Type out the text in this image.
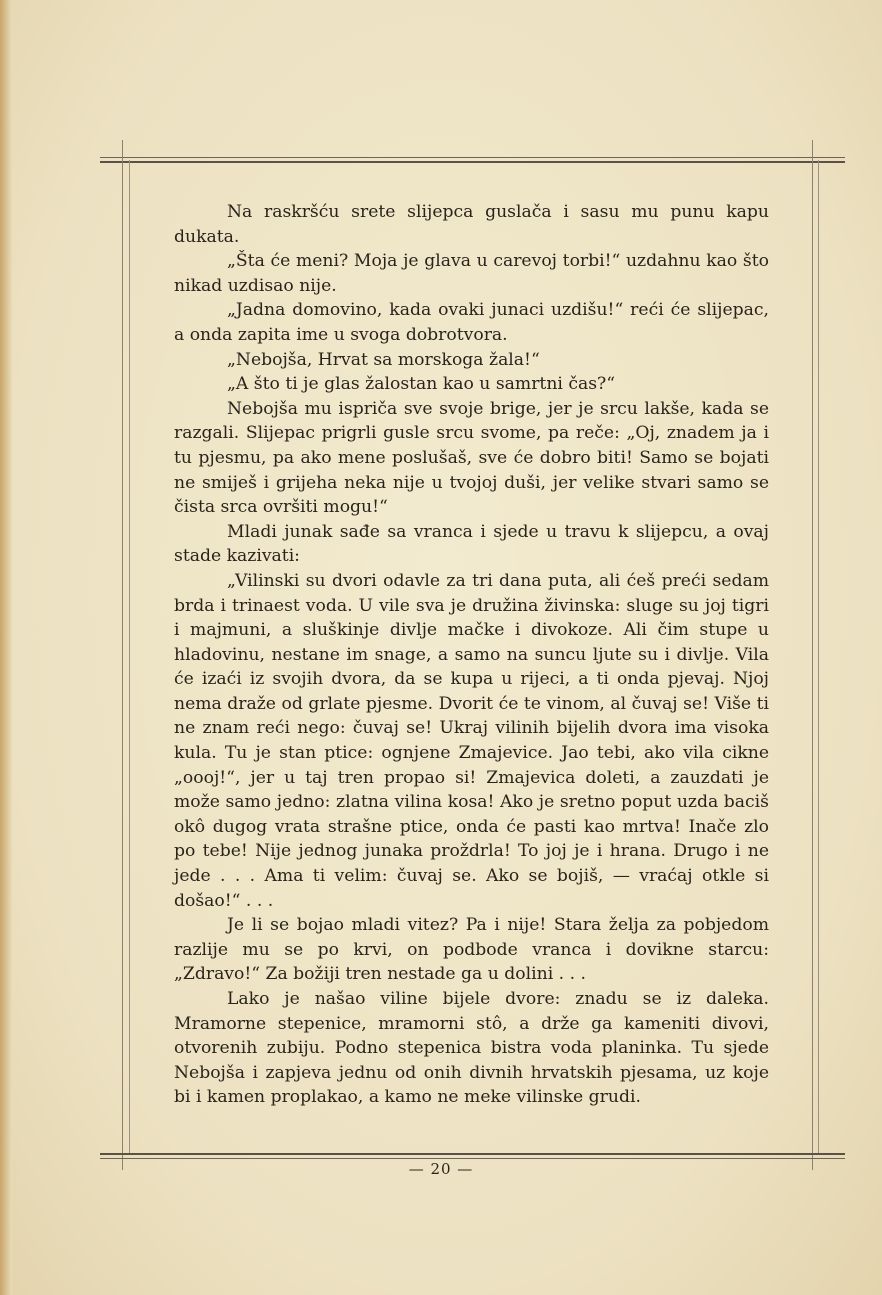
Na raskršću srete slijepca guslača i sasu mu punu kapu dukata.

„Šta će meni? Moja je glava u carevoj torbi!“ uzdahnu kao što nikad uzdisao nije.

„Jadna domovino, kada ovaki junaci uzdišu!“ reći će slijepac, a onda zapita ime u svoga dobrotvora.

„Nebojša, Hrvat sa morskoga žala!“

„A što ti je glas žalostan kao u samrtni čas?“

Nebojša mu ispriča sve svoje brige, jer je srcu lakše, kada se razgali. Slijepac prigrli gusle srcu svome, pa reče: „Oj, znadem ja i tu pjesmu, pa ako mene poslušaš, sve će dobro biti! Samo se bojati ne smiješ i grijeha neka nije u tvojoj duši, jer velike stvari samo se čista srca ovršiti mogu!“

Mladi junak sađe sa vranca i sjede u travu k slijepcu, a ovaj stade kazivati:

„Vilinski su dvori odavle za tri dana puta, ali ćeš preći sedam brda i trinaest voda. U vile sva je družina živinska: sluge su joj tigri i majmuni, a sluškinje divlje mačke i divokoze. Ali čim stupe u hladovinu, nestane im snage, a samo na suncu ljute su i divlje. Vila će izaći iz svojih dvora, da se kupa u rijeci, a ti onda pjevaj. Njoj nema draže od grlate pjesme. Dvorit će te vinom, al čuvaj se! Više ti ne znam reći nego: čuvaj se! Ukraj vilinih bijelih dvora ima visoka kula. Tu je stan ptice: ognjene Zmajevice. Jao tebi, ako vila cikne „oooj!“, jer u taj tren propao si! Zmajevica doleti, a zauzdati je može samo jedno: zlatna vilina kosa! Ako je sretno poput uzda baciš okô dugog vrata strašne ptice, onda će pasti kao mrtva! Inače zlo po tebe! Nije jednog junaka proždrla! To joj je i hrana. Drugo i ne jede . . . Ama ti velim: čuvaj se. Ako se bojiš, — vraćaj otkle si došao!“ . . .

Je li se bojao mladi vitez? Pa i nije! Stara želja za pobjedom razlije mu se po krvi, on podbode vranca i dovikne starcu: „Zdravo!“ Za božiji tren nestade ga u dolini . . .

Lako je našao viline bijele dvore: znadu se iz daleka. Mramorne stepenice, mramorni stô, a drže ga kameniti divovi, otvorenih zubiju. Podno stepenica bistra voda planinka. Tu sjede Nebojša i zapjeva jednu od onih divnih hrvatskih pjesama, uz koje bi i kamen proplakao, a kamo ne meke vilinske grudi.

— 20 —
